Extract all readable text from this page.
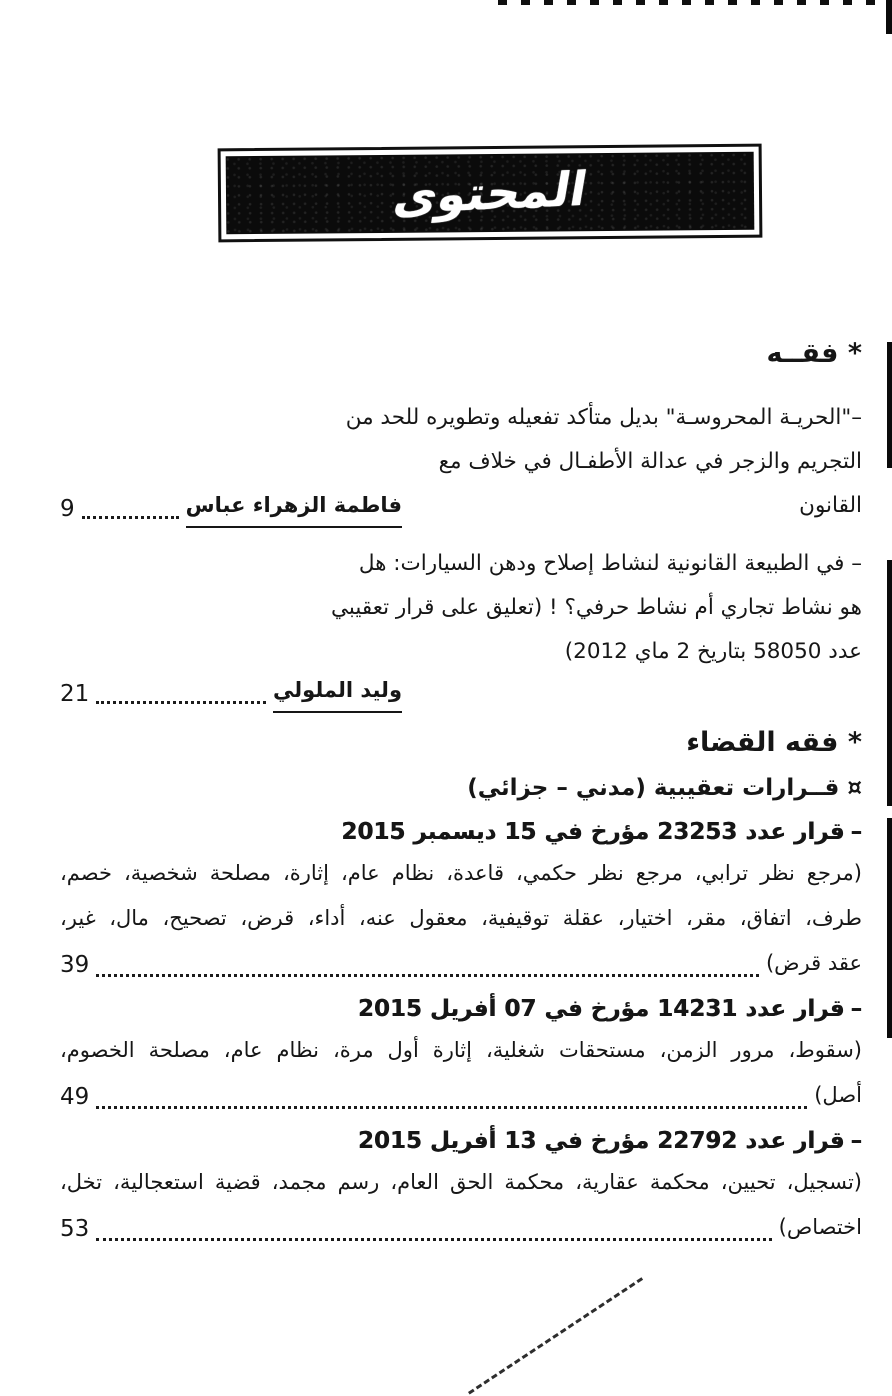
المحتوى
* فقــه
–"الحريـة المحروسـة" بديل متأكد تفعيله وتطويره للحد من
فاطمة الزهراء عباس
9
التجريم والزجر في عدالة الأطفـال في خلاف مع القانون
– في الطبيعة القانونية لنشاط إصلاح ودهن السيارات: هل
هو نشاط تجاري أم نشاط حرفي؟ ! (تعليق على قرار تعقيبي
عدد 58050 بتاريخ 2 ماي 2012)
وليد الملولي
21
* فقه القضاء
¤ قــرارات تعقيبية (مدني – جزائي)
–قرار عدد 23253 مؤرخ في 15 ديسمبر 2015
(مرجع نظر ترابي، مرجع نظر حكمي، قاعدة، نظام عام، إثارة، مصلحة شخصية، خصم،
طرف، اتفاق، مقر، اختيار، عقلة توقيفية، معقول عنه، أداء، قرض، تصحيح، مال، غير،
عقد قرض)
39
–قرار عدد 14231 مؤرخ في 07 أفريل 2015
(سقوط، مرور الزمن، مستحقات شغلية، إثارة أول مرة، نظام عام، مصلحة الخصوم،
أصل)
49
–قرار عدد 22792 مؤرخ في 13 أفريل 2015
(تسجيل، تحيين، محكمة عقارية، محكمة الحق العام، رسم مجمد، قضية استعجالية، تخل،
اختصاص)
53
